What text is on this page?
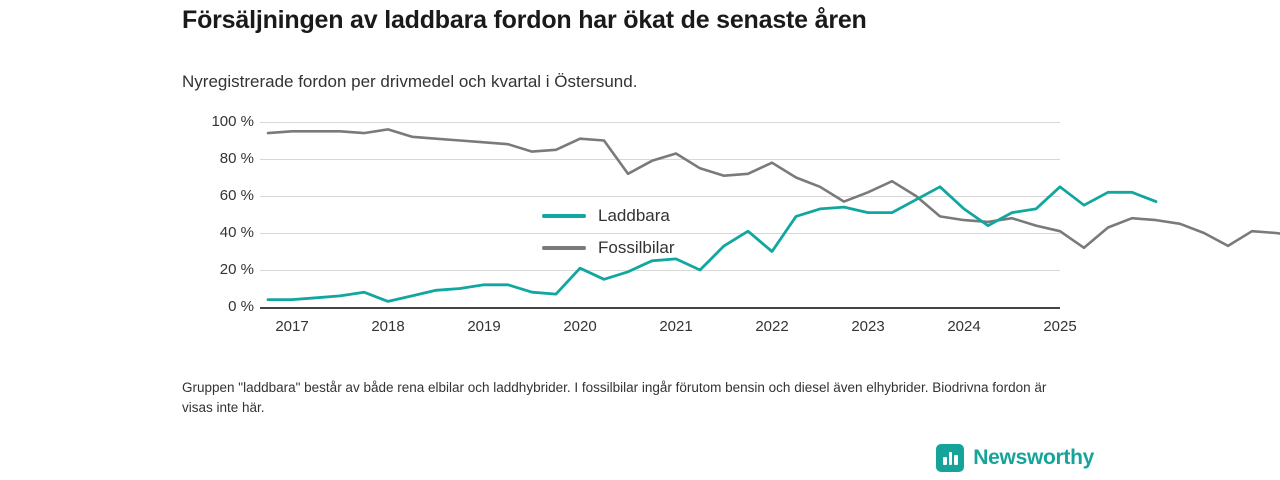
Försäljningen av laddbara fordon har ökat de senaste åren
Nyregistrerade fordon per drivmedel och kvartal i Östersund.
100 %
80 %
60 %
40 %
20 %
0 %
2017	2018	2019	2020	2021	2022	2023	2024	2025
Laddbara
Fossilbilar
Gruppen "laddbara" består av både rena elbilar och laddhybrider. I fossilbilar ingår förutom bensin och diesel även elhybrider. Biodrivna fordon är visas inte här.
Newsworthy
